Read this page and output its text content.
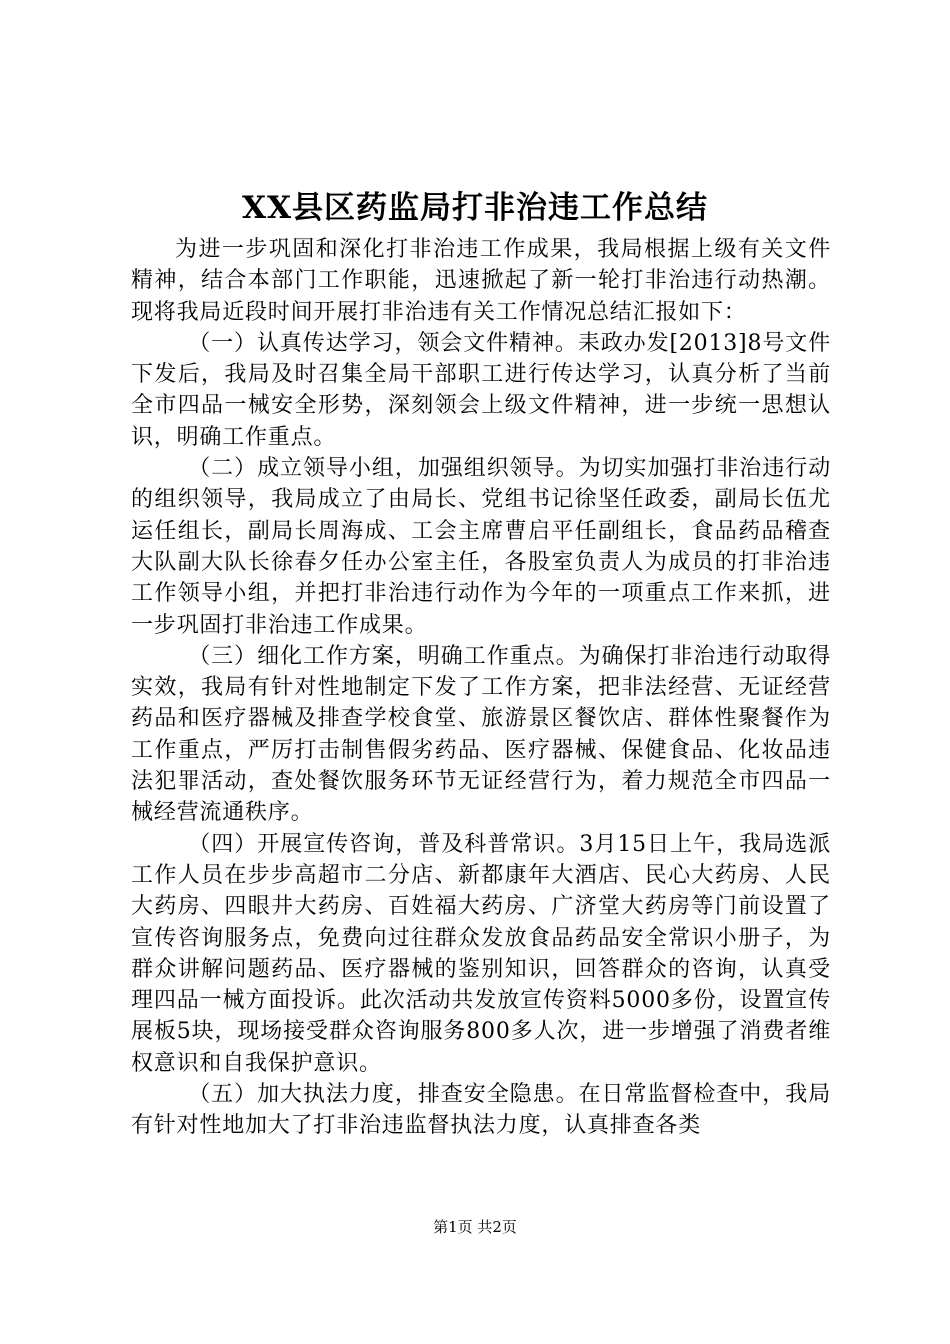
XX县区药监局打非治违工作总结

为进一步巩固和深化打非治违工作成果，我局根据上级有关文件精神，结合本部门工作职能，迅速掀起了新一轮打非治违行动热潮。现将我局近段时间开展打非治违有关工作情况总结汇报如下：

（一）认真传达学习，领会文件精神。耒政办发[2013]8号文件下发后，我局及时召集全局干部职工进行传达学习，认真分析了当前全市四品一械安全形势，深刻领会上级文件精神，进一步统一思想认识，明确工作重点。

（二）成立领导小组，加强组织领导。为切实加强打非治违行动的组织领导，我局成立了由局长、党组书记徐坚任政委，副局长伍尤运任组长，副局长周海成、工会主席曹启平任副组长，食品药品稽查大队副大队长徐春夕任办公室主任，各股室负责人为成员的打非治违工作领导小组，并把打非治违行动作为今年的一项重点工作来抓，进一步巩固打非治违工作成果。

（三）细化工作方案，明确工作重点。为确保打非治违行动取得实效，我局有针对性地制定下发了工作方案，把非法经营、无证经营药品和医疗器械及排查学校食堂、旅游景区餐饮店、群体性聚餐作为工作重点，严厉打击制售假劣药品、医疗器械、保健食品、化妆品违法犯罪活动，查处餐饮服务环节无证经营行为，着力规范全市四品一械经营流通秩序。

（四）开展宣传咨询，普及科普常识。3月15日上午，我局选派工作人员在步步高超市二分店、新都康年大酒店、民心大药房、人民大药房、四眼井大药房、百姓福大药房、广济堂大药房等门前设置了宣传咨询服务点，免费向过往群众发放食品药品安全常识小册子，为群众讲解问题药品、医疗器械的鉴别知识，回答群众的咨询，认真受理四品一械方面投诉。此次活动共发放宣传资料5000多份，设置宣传展板5块，现场接受群众咨询服务800多人次，进一步增强了消费者维权意识和自我保护意识。

（五）加大执法力度，排查安全隐患。在日常监督检查中，我局有针对性地加大了打非治违监督执法力度，认真排查各类

第1页 共2页
